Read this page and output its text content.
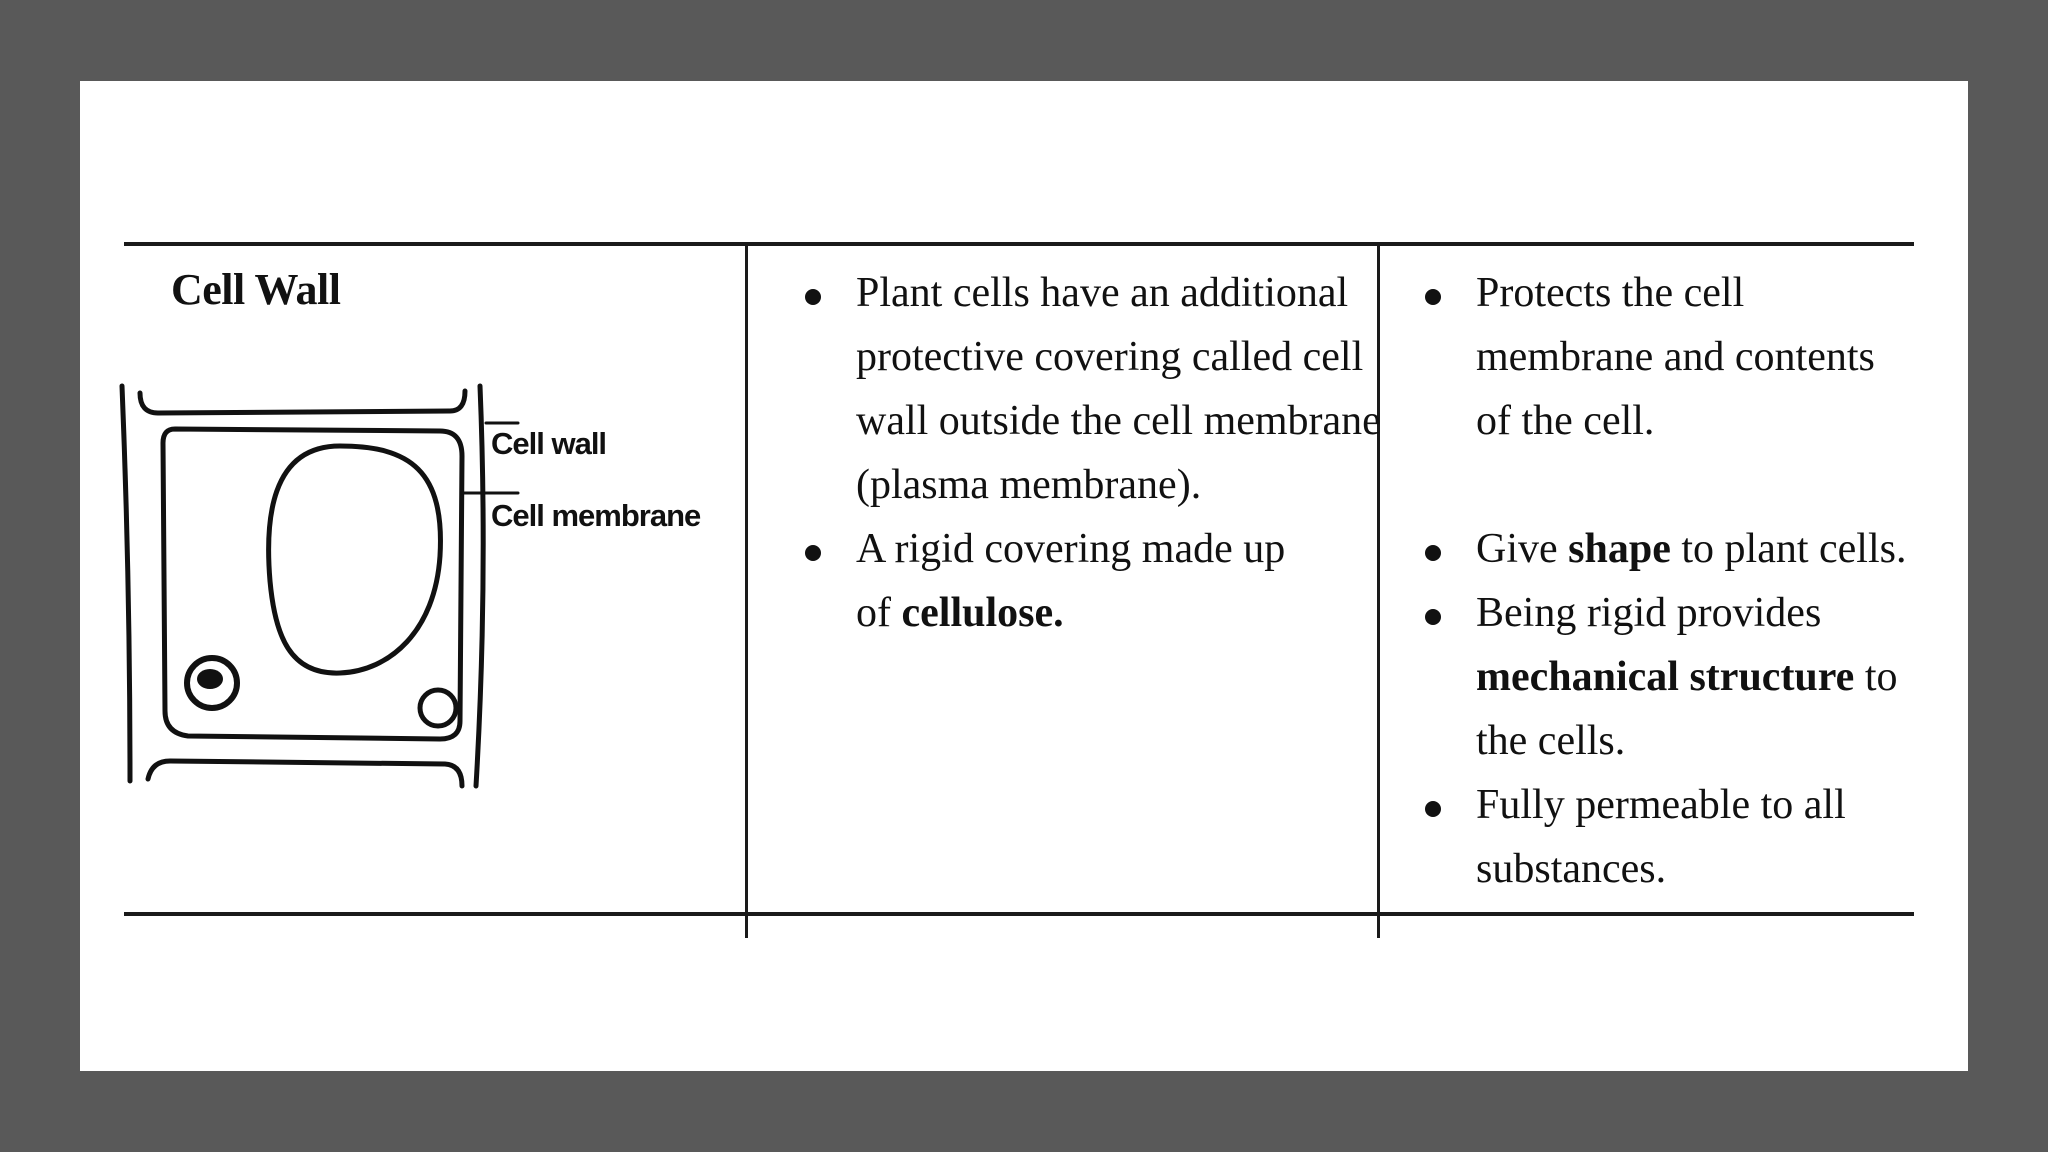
Cell Wall
Cell wall
Cell membrane
Plant cells have an additional
protective covering called cell
wall outside the cell membrane
(plasma membrane).
A rigid covering made up
of cellulose.
Protects the cell
membrane and contents
of the cell.
Give shape to plant cells.
Being rigid provides
mechanical structure to
the cells.
Fully permeable to all
substances.
